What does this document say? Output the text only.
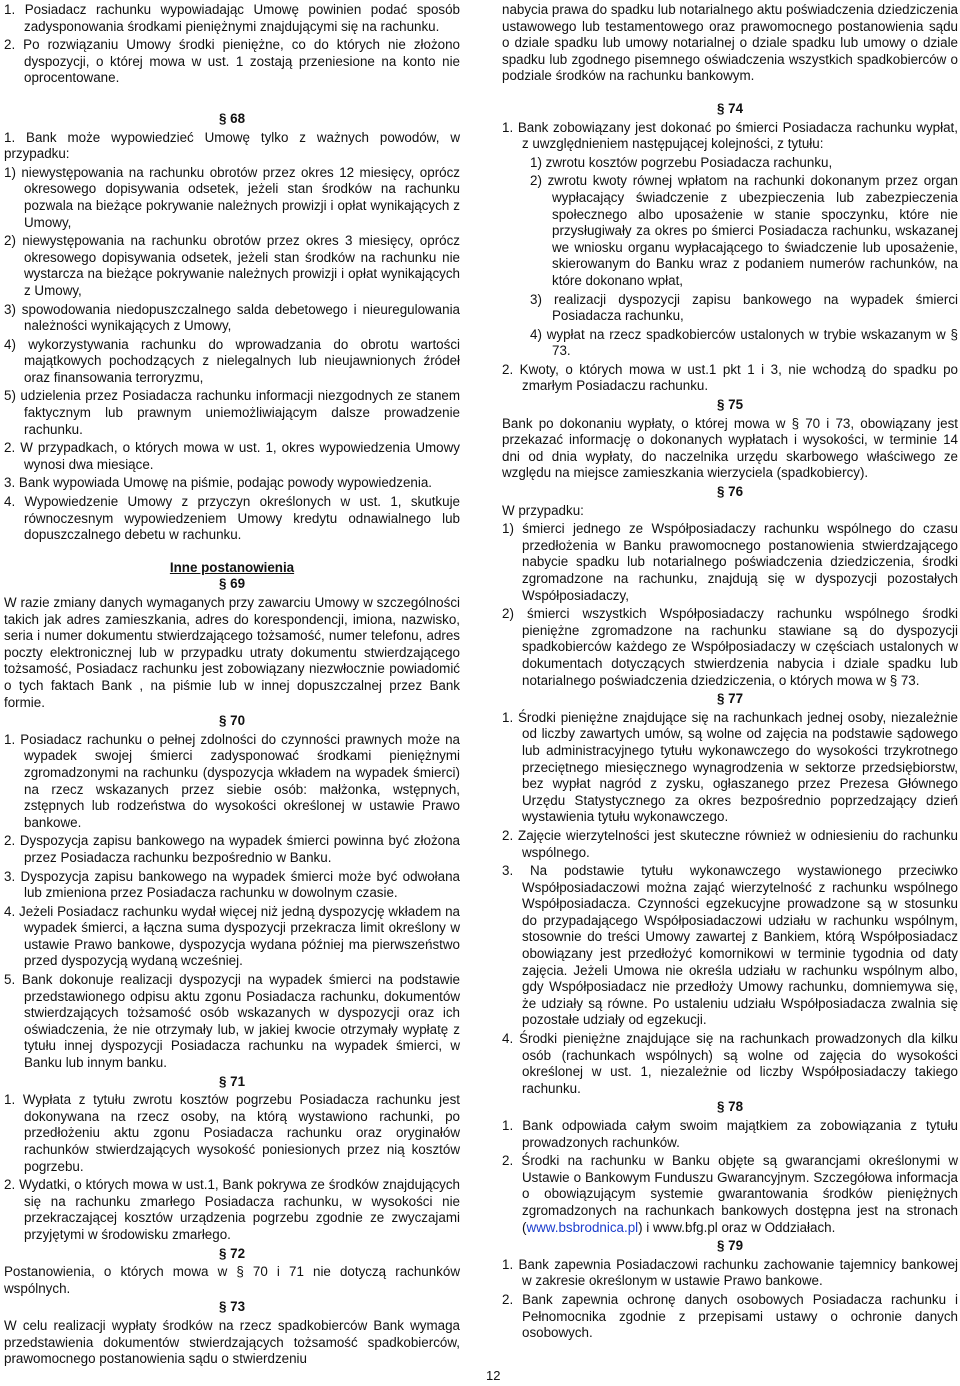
1. Posiadacz rachunku wypowiadając Umowę powinien podać sposób zadysponowania środkami pieniężnymi znajdującymi się na rachunku.

2. Po rozwiązaniu Umowy środki pieniężne, co do których nie złożono dyspozycji, o której mowa w ust. 1 zostają przeniesione na konto nie oprocentowane.

§ 68

1. Bank może wypowiedzieć Umowę tylko z ważnych powodów, w przypadku:

1) niewystępowania na rachunku obrotów przez okres 12 miesięcy, oprócz okresowego dopisywania odsetek, jeżeli stan środków na rachunku pozwala na bieżące pokrywanie należnych prowizji i opłat wynikających z Umowy,

2) niewystępowania na rachunku obrotów przez okres 3 miesięcy, oprócz okresowego dopisywania odsetek, jeżeli stan środków na rachunku nie wystarcza na bieżące pokrywanie należnych prowizji i opłat wynikających z Umowy,

3) spowodowania niedopuszczalnego salda debetowego i nieuregulowania należności wynikających z Umowy,

4) wykorzystywania rachunku do wprowadzania do obrotu wartości majątkowych pochodzących z nielegalnych lub nieujawnionych źródeł oraz finansowania terroryzmu,

5) udzielenia przez Posiadacza rachunku informacji niezgodnych ze stanem faktycznym lub prawnym uniemożliwiającym dalsze prowadzenie rachunku.

2. W przypadkach, o których mowa w ust. 1, okres wypowiedzenia Umowy wynosi dwa miesiące.

3. Bank wypowiada Umowę na piśmie, podając powody wypowiedzenia.

4. Wypowiedzenie Umowy z przyczyn określonych w ust. 1, skutkuje równoczesnym wypowiedzeniem Umowy kredytu odnawialnego lub dopuszczalnego debetu w rachunku.

Inne postanowienia

§ 69

W razie zmiany danych wymaganych przy zawarciu Umowy w szczególności takich jak adres zamieszkania, adres do korespondencji, imiona, nazwisko, seria i numer dokumentu stwierdzającego tożsamość, numer telefonu, adres poczty elektronicznej lub w przypadku utraty dokumentu stwierdzającego tożsamość, Posiadacz rachunku jest zobowiązany niezwłocznie powiadomić o tych faktach Bank , na piśmie lub w innej dopuszczalnej przez Bank formie.

§ 70

1. Posiadacz rachunku o pełnej zdolności do czynności prawnych może na wypadek swojej śmierci zadysponować środkami pieniężnymi zgromadzonymi na rachunku (dyspozycja wkładem na wypadek śmierci) na rzecz wskazanych przez siebie osób: małżonka, wstępnych, zstępnych lub rodzeństwa do wysokości określonej w ustawie Prawo bankowe.

2. Dyspozycja zapisu bankowego na wypadek śmierci powinna być złożona przez Posiadacza rachunku bezpośrednio w Banku.

3. Dyspozycja zapisu bankowego na wypadek śmierci może być odwołana lub zmieniona przez Posiadacza rachunku w dowolnym czasie.

4. Jeżeli Posiadacz rachunku wydał więcej niż jedną dyspozycję wkładem na wypadek śmierci, a łączna suma dyspozycji przekracza limit określony w ustawie Prawo bankowe, dyspozycja wydana później ma pierwszeństwo przed dyspozycją wydaną wcześniej.

5. Bank dokonuje realizacji dyspozycji na wypadek śmierci na podstawie przedstawionego odpisu aktu zgonu Posiadacza rachunku, dokumentów stwierdzających tożsamość osób wskazanych w dyspozycji oraz ich oświadczenia, że nie otrzymały lub, w jakiej kwocie otrzymały wypłatę z tytułu innej dyspozycji Posiadacza rachunku na wypadek śmierci, w Banku lub innym banku.

§ 71

1. Wypłata z tytułu zwrotu kosztów pogrzebu Posiadacza rachunku jest dokonywana na rzecz osoby, na którą wystawiono rachunki, po przedłożeniu aktu zgonu Posiadacza rachunku oraz oryginałów rachunków stwierdzających wysokość poniesionych przez nią kosztów pogrzebu.

2. Wydatki, o których mowa w ust.1, Bank pokrywa ze środków znajdujących się na rachunku zmarłego Posiadacza rachunku, w wysokości nie przekraczającej kosztów urządzenia pogrzebu zgodnie ze zwyczajami przyjętymi w środowisku zmarłego.

§ 72

Postanowienia, o których mowa w § 70 i 71 nie dotyczą rachunków wspólnych.

§ 73

W celu realizacji wypłaty środków na rzecz spadkobierców Bank wymaga przedstawienia dokumentów stwierdzających tożsamość spadkobierców, prawomocnego postanowienia sądu o stwierdzeniu

nabycia prawa do spadku lub notarialnego aktu poświadczenia dziedziczenia ustawowego lub testamentowego oraz prawomocnego postanowienia sądu o dziale spadku lub umowy notarialnej o dziale spadku lub umowy o dziale spadku lub zgodnego pisemnego oświadczenia wszystkich spadkobierców o podziale środków na rachunku bankowym.

§ 74

1. Bank zobowiązany jest dokonać po śmierci Posiadacza rachunku wypłat, z uwzględnieniem następującej kolejności, z tytułu:

1) zwrotu kosztów pogrzebu Posiadacza rachunku,

2) zwrotu kwoty równej wpłatom na rachunki dokonanym przez organ wypłacający świadczenie z ubezpieczenia lub zabezpieczenia społecznego albo uposażenie w stanie spoczynku, które nie przysługiwały za okres po śmierci Posiadacza rachunku, wskazanej we wniosku organu wypłacającego to świadczenie lub uposażenie, skierowanym do Banku wraz z podaniem numerów rachunków, na które dokonano wpłat,

3) realizacji dyspozycji zapisu bankowego na wypadek śmierci Posiadacza rachunku,

4) wypłat na rzecz spadkobierców ustalonych w trybie wskazanym w § 73.

2. Kwoty, o których mowa w ust.1 pkt 1 i 3, nie wchodzą do spadku po zmarłym Posiadaczu rachunku.

§ 75

Bank po dokonaniu wypłaty, o której mowa w § 70 i 73, obowiązany jest przekazać informację o dokonanych wypłatach i wysokości, w terminie 14 dni od dnia wypłaty, do naczelnika urzędu skarbowego właściwego ze względu na miejsce zamieszkania wierzyciela (spadkobiercy).

§ 76

W przypadku:

1) śmierci jednego ze Współposiadaczy rachunku wspólnego do czasu przedłożenia w Banku prawomocnego postanowienia stwierdzającego nabycie spadku lub notarialnego poświadczenia dziedziczenia, środki zgromadzone na rachunku, znajdują się w dyspozycji pozostałych Współposiadaczy,

2) śmierci wszystkich Współposiadaczy rachunku wspólnego środki pieniężne zgromadzone na rachunku stawiane są do dyspozycji spadkobierców każdego ze Współposiadaczy w częściach ustalonych w dokumentach dotyczących stwierdzenia nabycia i dziale spadku lub notarialnego poświadczenia dziedziczenia, o których mowa w § 73.

§ 77

1. Środki pieniężne znajdujące się na rachunkach jednej osoby, niezależnie od liczby zawartych umów, są wolne od zajęcia na podstawie sądowego lub administracyjnego tytułu wykonawczego do wysokości trzykrotnego przeciętnego miesięcznego wynagrodzenia w sektorze przedsiębiorstw, bez wypłat nagród z zysku, ogłaszanego przez Prezesa Głównego Urzędu Statystycznego za okres bezpośrednio poprzedzający dzień wystawienia tytułu wykonawczego.

2. Zajęcie wierzytelności jest skuteczne również w odniesieniu do rachunku wspólnego.

3. Na podstawie tytułu wykonawczego wystawionego przeciwko Współposiadaczowi można zająć wierzytelność z rachunku wspólnego Współposiadacza. Czynności egzekucyjne prowadzone są w stosunku do przypadającego Współposiadaczowi udziału w rachunku wspólnym, stosownie do treści Umowy zawartej z Bankiem, którą Współposiadacz obowiązany jest przedłożyć komornikowi w terminie tygodnia od daty zajęcia. Jeżeli Umowa nie określa udziału w rachunku wspólnym albo, gdy Współposiadacz nie przedłoży Umowy rachunku, domniemywa się, że udziały są równe. Po ustaleniu udziału Współposiadacza zwalnia się pozostałe udziały od egzekucji.

4. Środki pieniężne znajdujące się na rachunkach prowadzonych dla kilku osób (rachunkach wspólnych) są wolne od zajęcia do wysokości określonej w ust. 1, niezależnie od liczby Współposiadaczy takiego rachunku.

§ 78

1. Bank odpowiada całym swoim majątkiem za zobowiązania z tytułu prowadzonych rachunków.

2. Środki na rachunku w Banku objęte są gwarancjami określonymi w Ustawie o Bankowym Funduszu Gwarancyjnym. Szczegółowa informacja o obowiązującym systemie gwarantowania środków pieniężnych zgromadzonych na rachunkach bankowych dostępna jest na stronach (www.bsbrodnica.pl) i www.bfg.pl oraz w Oddziałach.

§ 79

1. Bank zapewnia Posiadaczowi rachunku zachowanie tajemnicy bankowej w zakresie określonym w ustawie Prawo bankowe.

2. Bank zapewnia ochronę danych osobowych Posiadacza rachunku i Pełnomocnika zgodnie z przepisami ustawy o ochronie danych osobowych.

12
